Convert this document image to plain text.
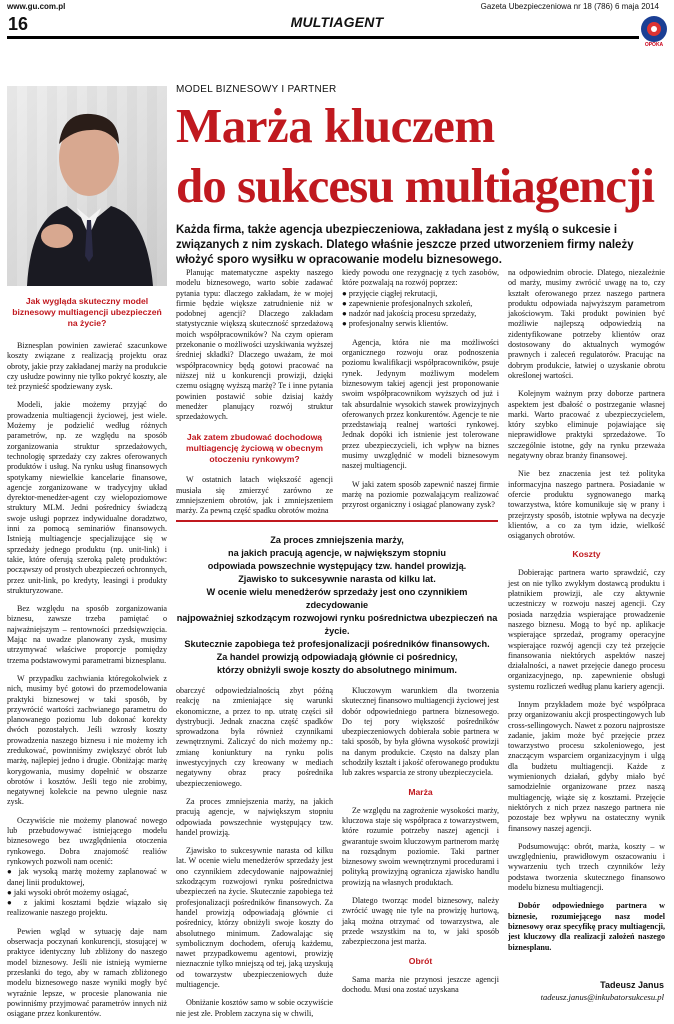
www.gu.com.pl	Gazeta Ubezpieczeniowa nr 18 (786) 6 maja 2014
16	MULTIAGENT
OPOKA
MODEL BIZNESOWY I PARTNER
Marża kluczem
do sukcesu multiagencji
Każda firma, także agencja ubezpieczeniowa, zakładana jest z myślą o sukcesie i związanych z nim zyskach. Dlatego właśnie jeszcze przed utworzeniem firmy należy włożyć sporo wysiłku w opracowanie modelu biznesowego.
Jak wygląda skuteczny model biznesowy multiagencji ubezpieczeń na życie?

Biznesplan powinien zawierać szacunkowe koszty związane z realizacją projektu oraz obroty, jakie przy zakładanej marży na produkcie czy usłudze powinny nie tylko pokryć koszty, ale też przynieść spodziewany zysk.

Modeli, jakie możemy przyjąć do prowadzenia multiagencji życiowej, jest wiele. Możemy je podzielić według różnych parametrów, np. ze względu na sposób zorganizowania struktur sprzedażowych, technologię sprzedaży czy zakres oferowanych produktów i usług. Na rynku usług finansowych spotykamy niewielkie kancelarie finansowe, agencje zorganizowane w tradycyjny układ dyrektor-menedżer-agent czy wielopoziomowe struktury MLM. Jedni pośrednicy świadczą swoje usługi poprzez indywidualne doradztwo, inni za pomocą seminariów finansowych. Istnieją multiagencje specjalizujące się w sprzedaży jednego produktu (np. unit-link) i takie, które oferują szeroką paletę produktów: począwszy od prostych ubezpieczeń ochronnych, przez unit-link, po kredyty, leasingi i produkty strukturyzowane.

Bez względu na sposób zorganizowania biznesu, zawsze trzeba pamiętać o najważniejszym – rentowności przedsięwzięcia. Mając na uwadze planowany zysk, musimy utrzymywać właściwe proporcje pomiędzy trzema podstawowymi parametrami biznesplanu.

W przypadku zachwiania któregokolwiek z nich, musimy być gotowi do przemodelowania praktyki biznesowej w taki sposób, by przywrócić wartości zachwianego parametru do planowanego poziomu lub dokonać korekty dwóch pozostałych. Jeśli wzrosły koszty prowadzenia naszego biznesu i nie możemy ich zredukować, powinniśmy zwiększyć obrót lub marżę, najlepiej jedno i drugie. Obniżając marżę korygowania, musimy dopełnić w obszarze obrotów i kosztów. Jeśli tego nie zrobimy, negatywnej kolekcie na pewno ulegnie nasz zysk.

Oczywiście nie możemy planować nowego lub przebudowywać istniejącego modelu biznesowego bez uwzględnienia otoczenia rynkowego. Dobra znajomość realiów rynkowych pozwoli nam ocenić:

● jak wysoką marżę możemy zaplanować w danej linii produktowej,

● jaki wysoki obrót możemy osiągać,

● z jakimi kosztami będzie wiązało się realizowanie naszego projektu.

Pewien wgląd w sytuację daje nam obserwacja poczynań konkurencji, stosującej w praktyce identyczny lub zbliżony do naszego model biznesowy. Jeśli nie istnieją wymierne przesłanki do tego, aby w ramach zbliżonego modelu biznesowego nasze wyniki mogły być wyraźnie lepsze, w procesie planowania nie powinniśmy przyjmować parametrów innych niż osiągane przez konkurentów.

Planując matematyczne aspekty naszego modelu biznesowego, warto sobie zadawać pytania typu: dlaczego zakładam, że w mojej firmie będzie większe zatrudnienie niż w podobnej agencji? Dlaczego zakładam statystycznie większą skuteczność sprzedażową moich współpracowników? Na czym opieram przekonanie o możliwości uzyskiwania wyższej średniej składki? Dlaczego uważam, że moi współpracownicy będą gotowi pracować na niższej niż u konkurencji prowizji, dzięki czemu osiągnę wyższą marżę? Te i inne pytania powinien postawić sobie dzisiaj każdy menedżer planujący rozwój struktur sprzedażowych.

Jak zatem zbudować dochodową multiagencję życiową w obecnym otoczeniu rynkowym?

W ostatnich latach większość agencji musiała się zmierzyć zarówno ze zmniejszeniem obrotów, jak i zmniejszeniem marży. Za pewną część spadku obrotów można

kiedy powodu one rezygnację z tych zasobów, które pozwalają na rozwój poprzez:

● przyjęcie ciągłej rekrutacji,

● zapewnienie profesjonalnych szkoleń,

● nadzór nad jakością procesu sprzedaży,

● profesjonalny serwis klientów.

Agencja, która nie ma możliwości organicznego rozwoju oraz podnoszenia poziomu kwalifikacji współpracowników, psuje rynek. Jedynym możliwym modelem biznesowym takiej agencji jest proponowanie swoim współpracownikom wyższych od już i tak absurdalnie wysokich stawek prowizyjnych oferowanych przez konkurentów. Agencje te nie przedstawiają realnej wartości rynkowej. Jednak dopóki ich istnienie jest tolerowane przez ubezpieczycieli, ich wpływ na biznes musimy uwzględnić w modeli biznesowym naszej multiagencji.

W jaki zatem sposób zapewnić naszej firmie marżę na poziomie pozwalającym realizować przyrost organiczny i osiągać planowany zysk?

Za proces zmniejszenia marży,
na jakich pracują agencje, w największym stopniu
odpowiada powszechnie występujący tzw. handel prowizją.
Zjawisko to sukcesywnie narasta od kilku lat.
W ocenie wielu menedżerów sprzedaży jest ono czynnikiem zdecydowanie
najpoważniej szkodzącym rozwojowi rynku pośrednictwa ubezpieczeń na życie.
Skutecznie zapobiega też profesjonalizacji pośredników finansowych.
Za handel prowizją odpowiadają głównie ci pośrednicy,
którzy obniżyli swoje koszty do absolutnego minimum.

obarczyć odpowiedzialnością zbyt późną reakcję na zmieniające się warunki ekonomiczne, a przez to np. utratę części sił dystrybucji. Jednak znaczna część spadków sprowadzona była również czynnikami zewnętrznymi. Zaliczyć do nich możemy np.: zmianę koniunktury na rynku polis inwestycyjnych czy kreowany w mediach negatywny obraz pracy pośrednika ubezpieczeniowego.

Za proces zmniejszenia marży, na jakich pracują agencje, w największym stopniu odpowiada powszechnie występujący tzw. handel prowizją.

Zjawisko to sukcesywnie narasta od kilku lat. W ocenie wielu menedżerów sprzedaży jest ono czynnikiem zdecydowanie najpoważniej szkodzącym rozwojowi rynku pośrednictwa ubezpieczeń na życie. Skutecznie zapobiega też profesjonalizacji pośredników finansowych. Za handel prowizją odpowiadają głównie ci pośrednicy, którzy obniżyli swoje koszty do absolutnego minimum. Zadowalając się symbolicznym dochodem, oferują każdemu, nawet przypadkowemu agentowi, prowizję nieznacznie tylko mniejszą od tej, jaką uzyskują od towarzystw ubezpieczeniowych duże multiagencje.

Obniżanie kosztów samo w sobie oczywiście nie jest złe. Problem zaczyna się w chwili,

Kluczowym warunkiem dla tworzenia skutecznej finansowo multiagencji życiowej jest dobór odpowiedniego partnera biznesowego. Do tej pory większość pośredników ubezpieczeniowych dobierała sobie partnera w taki sposób, by była główna wysokość prowizji na danym produkcie. Często na dalszy plan schodziły kształt i jakość oferowanego produktu lub zakres wsparcia ze strony ubezpieczyciela.

Marża

Ze względu na zagrożenie wysokości marży, kluczowa staje się współpraca z towarzystwem, które rozumie potrzeby naszej agencji i gwarantuje swoim kluczowym partnerom marżę na rozsądnym poziomie. Taki partner biznesowy swoim wewnętrznymi procedurami i polityką prowizyjną ogranicza zjawisko handlu prowizją na własnych produktach.

Dlatego tworząc model biznesowy, należy zwrócić uwagę nie tyle na prowizję hurtową, jaką można otrzymać od towarzystwa, ale przede wszystkim na to, w jaki sposób zabezpieczona jest marża.

Obrót

Sama marża nie przynosi jeszcze agencji dochodu. Musi ona zostać uzyskana

na odpowiednim obrocie. Dlatego, niezależnie od marży, musimy zwrócić uwagę na to, czy kształt oferowanego przez naszego partnera produktu odpowiada najwyższym parametrom jakościowym. Taki produkt powinien być możliwie najlepszą odpowiedzią na zidentyfikowane potrzeby klientów oraz dostosowany do aktualnych wymogów prawnych i zaleceń regulatorów. Pracując na dobrym produkcie, łatwiej o uzyskanie obrotu określonej wartości.

Kolejnym ważnym przy doborze partnera aspektem jest dbałość o postrzeganie własnej marki. Warto pracować z ubezpieczycielem, który szybko eliminuje pojawiające się nieprawidłowe praktyki sprzedażowe. To szczególnie istotne, gdy na rynku przeważa negatywny obraz branży finansowej.

Nie bez znaczenia jest też polityka informacyjna naszego partnera. Posiadanie w ofercie produktu sygnowanego marką towarzystwa, które komunikuje się w prany i przejrzysty sposób, istotnie wpływa na decyzje klientów, a co za tym idzie, wielkość osiąganych obrotów.

Koszty

Dobierając partnera warto sprawdzić, czy jest on nie tylko zwykłym dostawcą produktu i płatnikiem prowizji, ale czy aktywnie uczestniczy w rozwoju naszej agencji. Czy posiada narzędzia wspierające prowadzenie naszego biznesu. Mogą to być np. aplikacje wspierające sprzedaż, programy operacyjne wspierające rozwój agencji czy też przejęcie finansowania niektórych aspektów naszej działalności, a nawet przejęcie danego procesu organizacyjnego, np. zapewnienie obsługi systemu rozliczeń według planu kariery agencji.

Innym przykładem może być współpraca przy organizowaniu akcji prospectingowych lub cross-sellingowych. Nawet z pozoru najprostsze zadanie, jakim może być przejęcie przez towarzystwo procesu szkoleniowego, jest znaczącym wsparciem organizacyjnym i ulgą dla budżetu multiagencji. Każde z wymienionych działań, gdyby miało być samodzielnie organizowane przez naszą multiagencję, wiąże się z kosztami. Przejęcie niektórych z nich przez naszego partnera nie pozostaje bez wpływu na ostateczny wynik finansowy naszej agencji.

Podsumowując: obrót, marża, koszty – w uwzględnieniu, prawidłowym oszacowaniu i wywarzeniu tych trzech czynników leży podstawa tworzenia skutecznego finansowo modelu biznesu multiagencji.

Dobór odpowiedniego partnera w biznesie, rozumiejącego nasz model biznesowy oraz specyfikę pracy multiagencji, jest kluczowy dla realizacji założeń naszego biznesplanu.

Tadeusz Janus
tadeusz.janus@inkubatorsukcesu.pl
